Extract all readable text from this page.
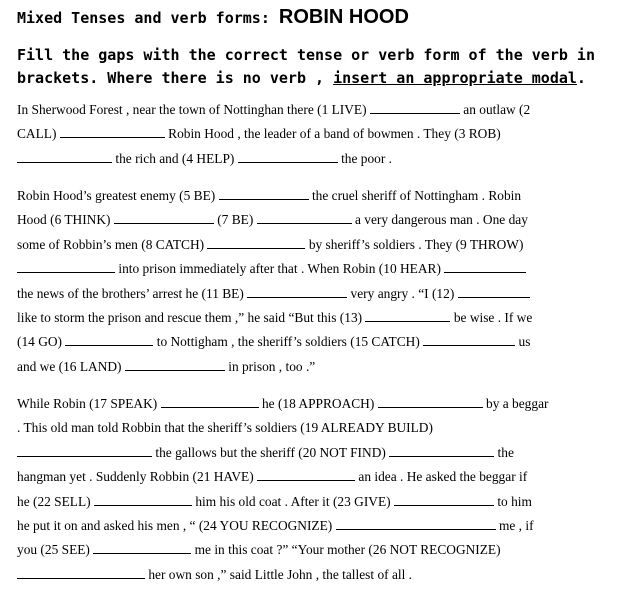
Mixed Tenses and verb forms: ROBIN HOOD
Fill the gaps with the correct tense or verb form of the verb in brackets. Where there is no verb , insert an appropriate modal.
In Sherwood Forest , near the town of Nottinghan there (1 LIVE)	an outlaw (2
CALL)	Robin Hood , the leader of a band of bowmen . They (3 ROB)
the rich and (4 HELP)	the poor .
Robin Hood’s greatest enemy (5 BE)	the cruel sheriff of Nottingham . Robin
Hood (6 THINK)	(7 BE)	a very dangerous man . One day
some of Robbin’s men (8 CATCH)	by sheriff’s soldiers . They (9 THROW)
into prison immediately after that . When Robin (10 HEAR)
the news of the brothers’ arrest he (11 BE)	very angry . “I (12)
like to storm the prison and rescue them ,” he said “But this (13)	be wise . If we
(14 GO)	to Nottigham , the sheriff’s soldiers (15 CATCH)	us
and we (16 LAND)	in prison , too .”
While Robin (17 SPEAK)	he (18 APPROACH)	by a beggar
. This old man told Robbin that the sheriff’s soldiers (19 ALREADY BUILD)
the gallows but the sheriff (20 NOT FIND)	the
hangman yet . Suddenly Robbin (21 HAVE)	an idea . He asked the beggar if
he (22 SELL)	him his old coat . After it (23 GIVE)	to him
he put it on and asked his men , “ (24 YOU RECOGNIZE)	me , if
you (25 SEE)	me in this coat ?” “Your mother (26 NOT RECOGNIZE)
her own son ,” said Little John , the tallest of all .
